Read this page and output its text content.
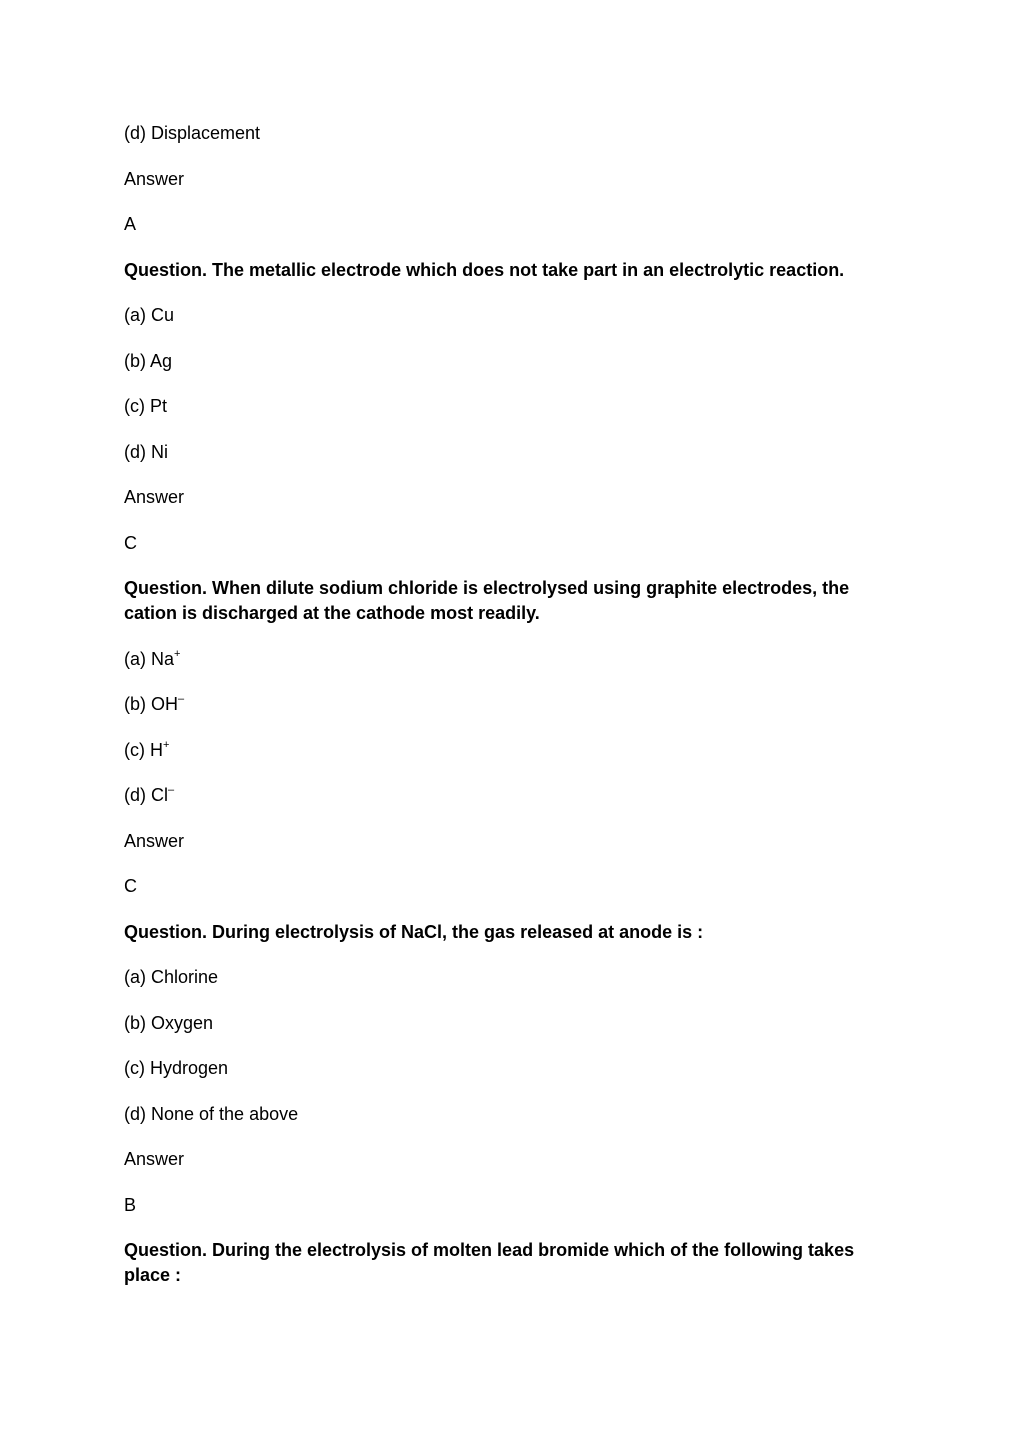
(d) Displacement
Answer
A
Question. The metallic electrode which does not take part in an electrolytic reaction.
(a) Cu
(b) Ag
(c) Pt
(d) Ni
Answer
C
Question. When dilute sodium chloride is electrolysed using graphite electrodes, the cation is discharged at the cathode most readily.
(a) Na+
(b) OH–
(c) H+
(d) Cl–
Answer
C
Question. During electrolysis of NaCl, the gas released at anode is :
(a) Chlorine
(b) Oxygen
(c) Hydrogen
(d) None of the above
Answer
B
Question. During the electrolysis of molten lead bromide which of the following takes place :
